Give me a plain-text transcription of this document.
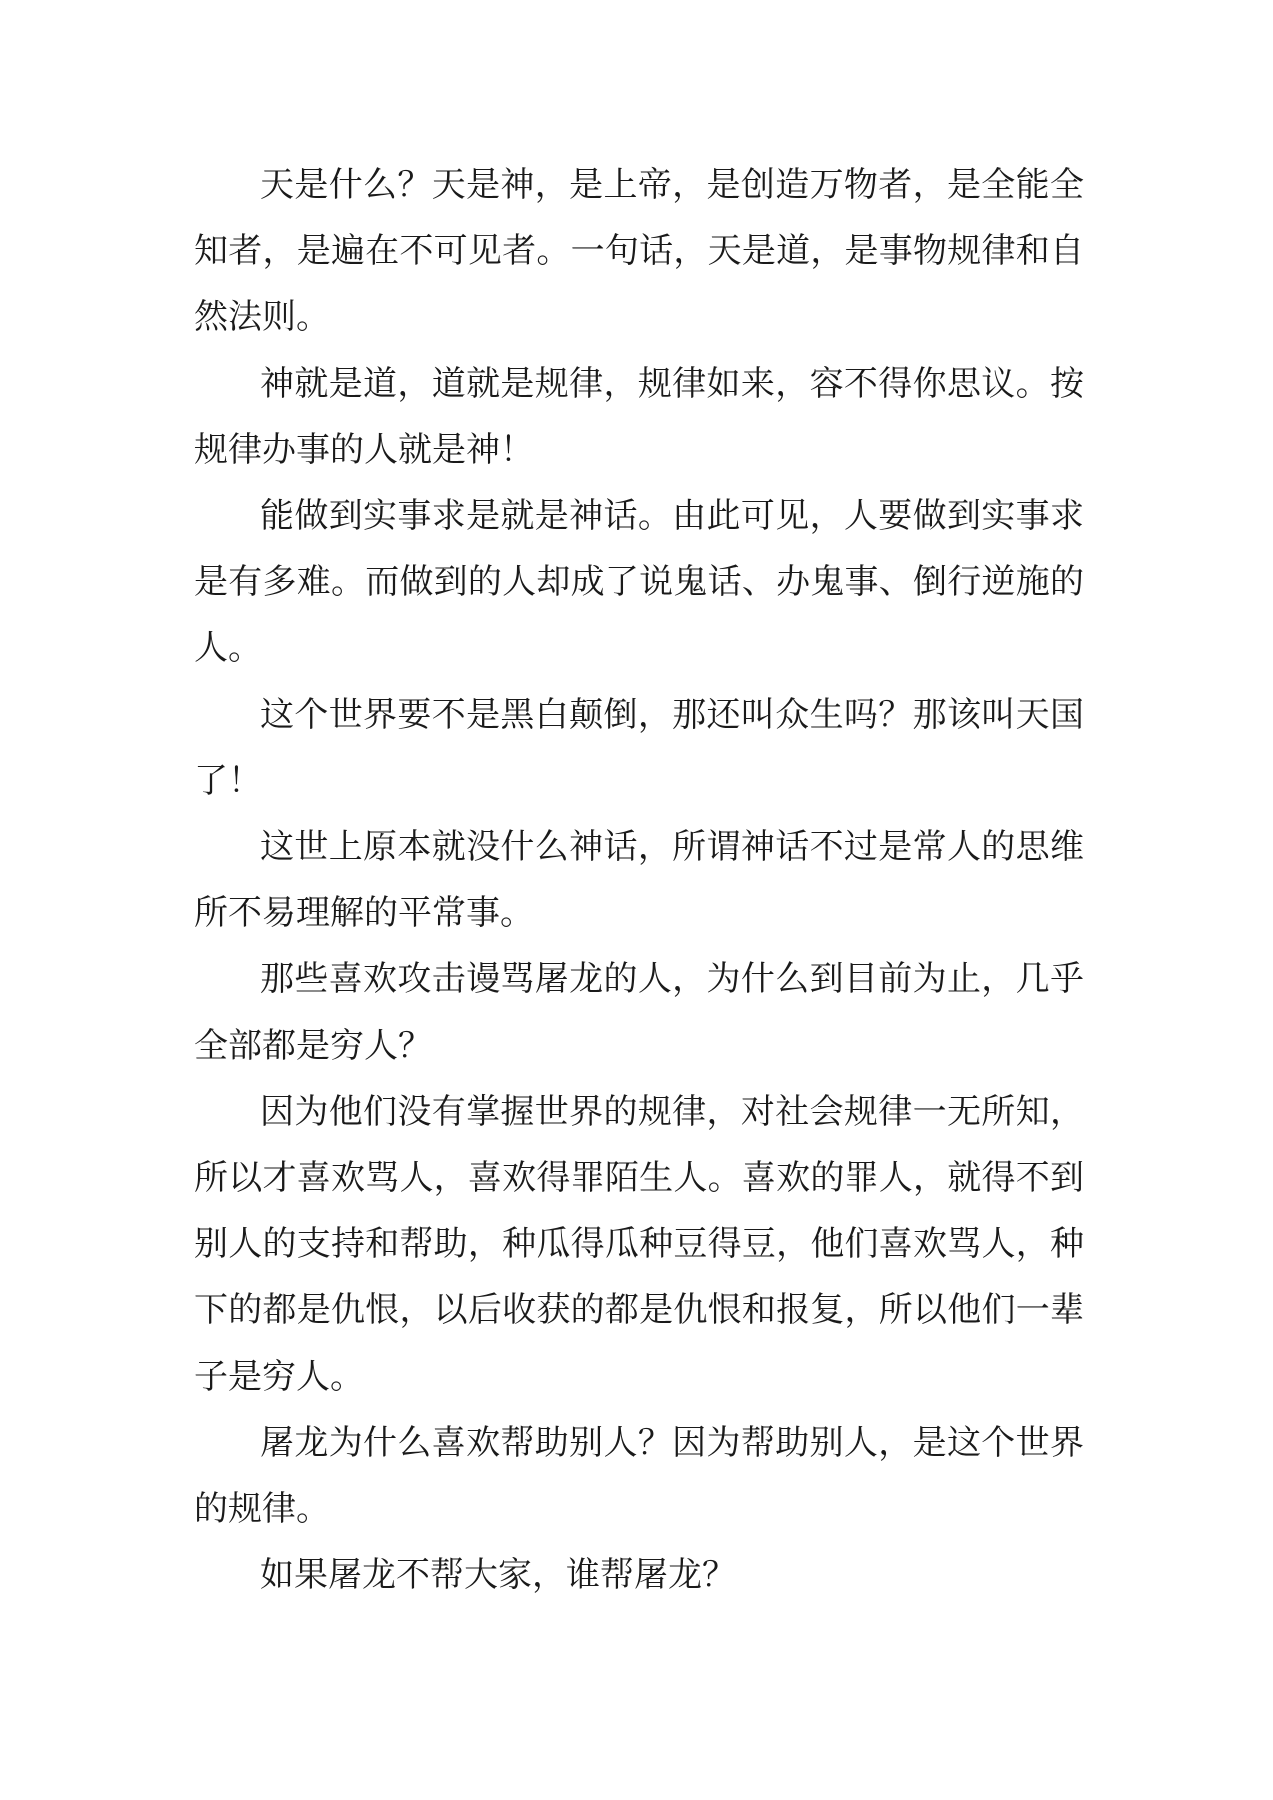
天是什么？天是神，是上帝，是创造万物者，是全能全知者，是遍在不可见者。一句话，天是道，是事物规律和自然法则。

神就是道，道就是规律，规律如来，容不得你思议。按规律办事的人就是神！

能做到实事求是就是神话。由此可见，人要做到实事求是有多难。而做到的人却成了说鬼话、办鬼事、倒行逆施的人。

这个世界要不是黑白颠倒，那还叫众生吗？那该叫天国了！

这世上原本就没什么神话，所谓神话不过是常人的思维所不易理解的平常事。

那些喜欢攻击谩骂屠龙的人，为什么到目前为止，几乎全部都是穷人？

因为他们没有掌握世界的规律，对社会规律一无所知，所以才喜欢骂人，喜欢得罪陌生人。喜欢的罪人，就得不到别人的支持和帮助，种瓜得瓜种豆得豆，他们喜欢骂人，种下的都是仇恨，以后收获的都是仇恨和报复，所以他们一辈子是穷人。

屠龙为什么喜欢帮助别人？因为帮助别人，是这个世界的规律。

如果屠龙不帮大家，谁帮屠龙？
